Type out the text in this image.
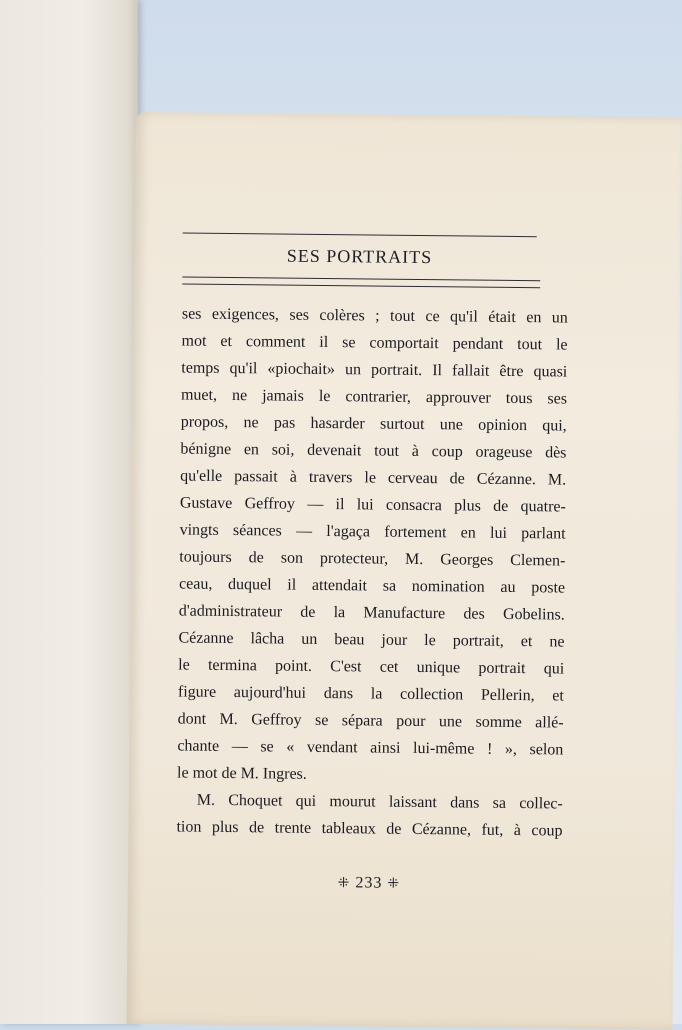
SES PORTRAITS
ses exigences, ses colères ; tout ce qu'il était en un
mot et comment il se comportait pendant tout le
temps qu'il «piochait» un portrait. Il fallait être quasi
muet, ne jamais le contrarier, approuver tous ses
propos, ne pas hasarder surtout une opinion qui,
bénigne en soi, devenait tout à coup orageuse dès
qu'elle passait à travers le cerveau de Cézanne. M.
Gustave Geffroy — il lui consacra plus de quatre-
vingts séances — l'agaça fortement en lui parlant
toujours de son protecteur, M. Georges Clemen-
ceau, duquel il attendait sa nomination au poste
d'administrateur de la Manufacture des Gobelins.
Cézanne lâcha un beau jour le portrait, et ne
le termina point. C'est cet unique portrait qui
figure aujourd'hui dans la collection Pellerin, et
dont M. Geffroy se sépara pour une somme allé-
chante — se « vendant ainsi lui-même ! », selon
le mot de M. Ingres.
M. Choquet qui mourut laissant dans sa collec-
tion plus de trente tableaux de Cézanne, fut, à coup
⁜ 233 ⁜
